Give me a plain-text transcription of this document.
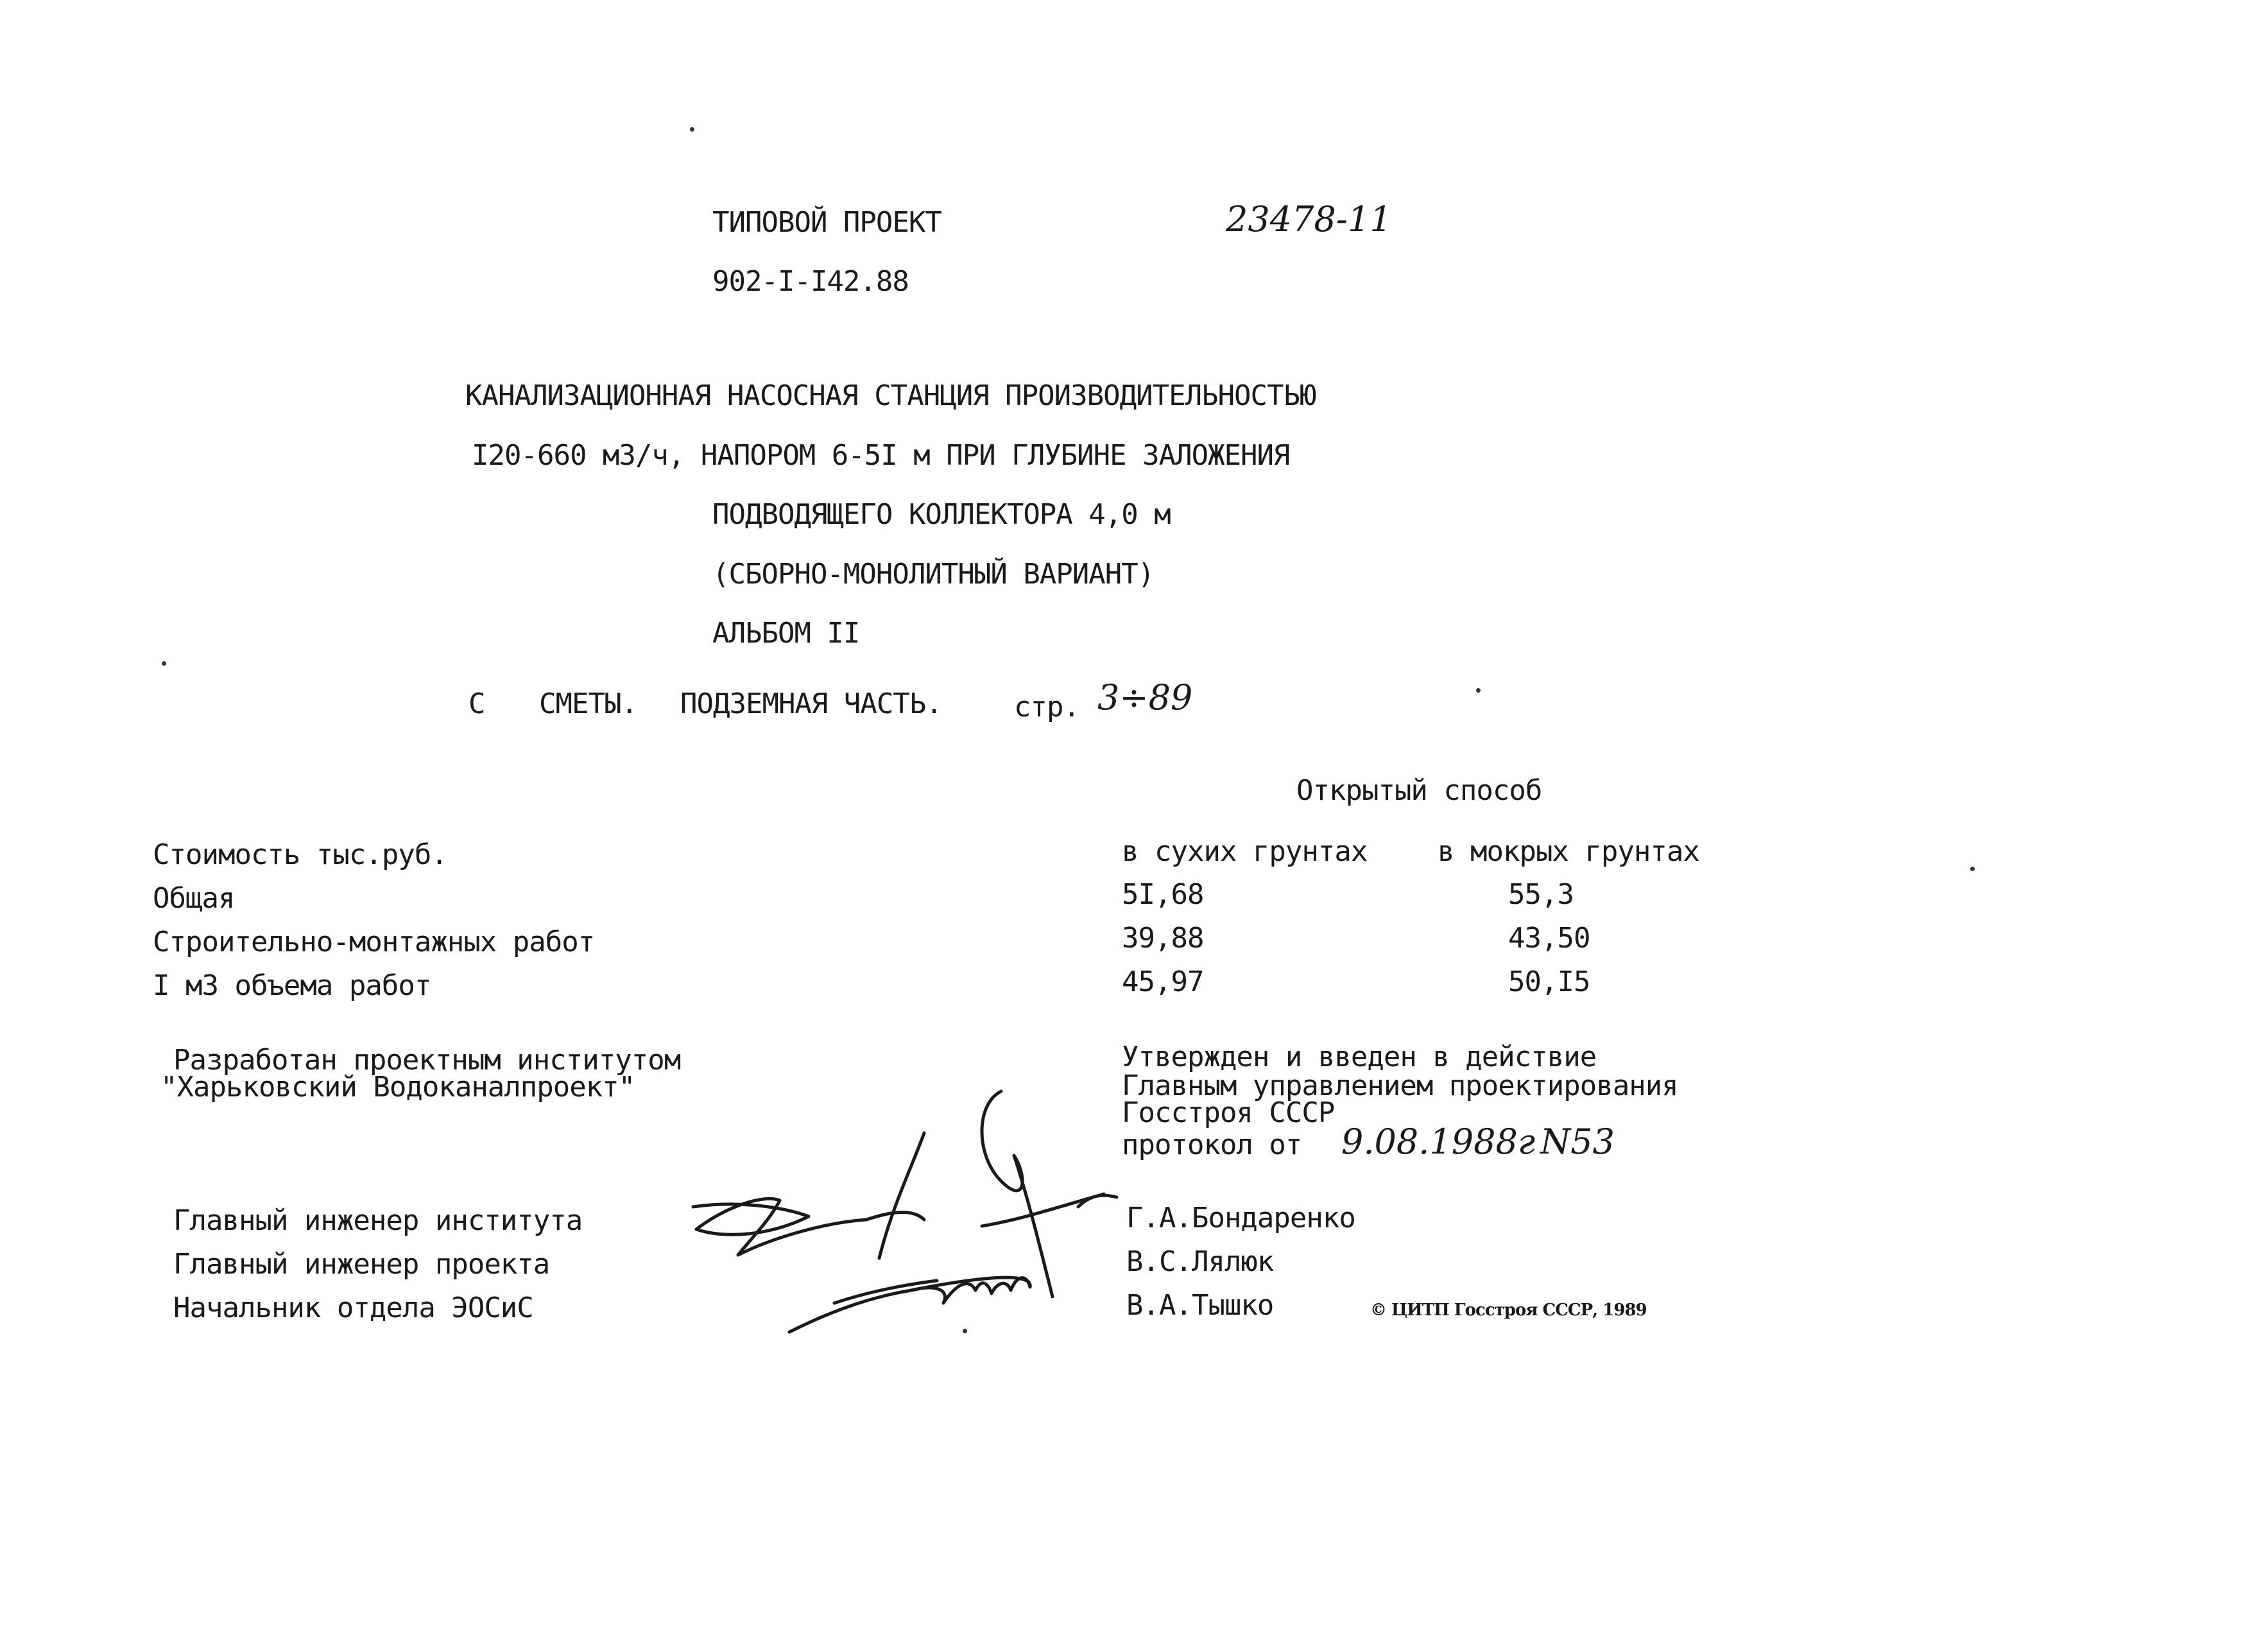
ТИПОВОЙ ПРОЕКТ	23478-11
902-I-I42.88
КАНАЛИЗАЦИОННАЯ НАСОСНАЯ СТАНЦИЯ ПРОИЗВОДИТЕЛЬНОСТЬЮ
I20-660 м3/ч, НАПОРОМ 6-5I м ПРИ ГЛУБИНЕ ЗАЛОЖЕНИЯ
ПОДВОДЯЩЕГО КОЛЛЕКТОРА 4,0 м
(СБОРНО-МОНОЛИТНЫЙ ВАРИАНТ)
АЛЬБОМ II
С СМЕТЫ. ПОДЗЕМНАЯ ЧАСТЬ.	стр. 3÷89
Открытый способ
Стоимость тыс.руб.	в сухих грунтах в мокрых грунтах
Общая	5I,68	55,3
Строительно-монтажных работ	39,88	43,50
I м3 объема работ	45,97	50,I5
Разработан проектным институтом
"Харьковский Водоканалпроект"
Утвержден и введен в действие
Главным управлением проектирования
Госстроя СССР
протокол от 9.08.1988г N53
Главный инженер института	Г.А.Бондаренко
Главный инженер проекта	В.С.Лялюк
Начальник отдела ЭОСиС	В.А.Тышко	© ЦИТП Госстроя СССР, 1989
